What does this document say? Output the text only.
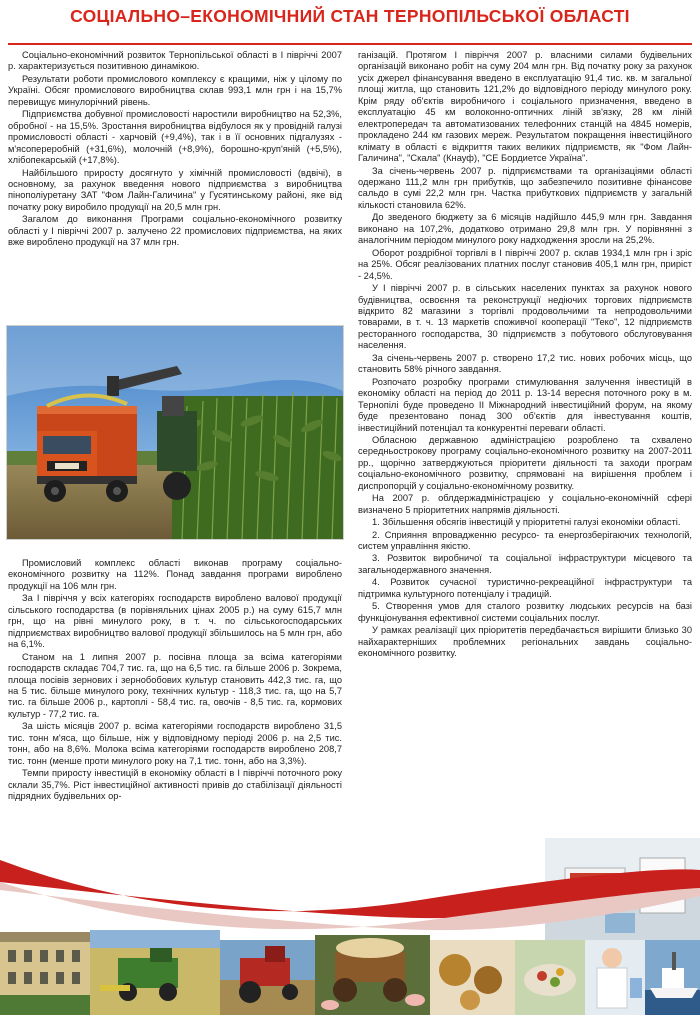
СОЦІАЛЬНО–ЕКОНОМІЧНИЙ СТАН ТЕРНОПІЛЬСЬКОЇ ОБЛАСТІ

Соціально-економічний розвиток Тернопільської області в І півріччі 2007 р. характеризується позитивною динамікою.

Результати роботи промислового комплексу є кращими, ніж у цілому по Україні. Обсяг промислового виробництва склав 993,1 млн грн і на 15,7% перевищує минулорічний рівень.

Підприємства добувної промисловості наростили виробництво на 52,3%, обробної - на 15,5%. Зростання виробництва відбулося як у провідній галузі промисловості області - харчовій (+9,4%), так і в її основних підгалузях - м'ясопереробній (+31,6%), молочній (+8,9%), борошно-круп'яній (+5,5%), хлібопекарській (+17,8%).

Найбільшого приросту досягнуто у хімічній промисловості (вдвічі), в основному, за рахунок введення нового підприємства з виробництва пінополіуретану ЗАТ "Фом Лайн-Галичина" у Гусятинському районі, яке від початку року виробило продукції на 20,5 млн грн.

Загалом до виконання Програми соціально-економічного розвитку області у І півріччі 2007 р. залучено 22 промислових підприємства, на яких вже вироблено продукції на 37 млн грн.

Промисловий комплекс області виконав програму соціально-економічного розвитку на 112%. Понад завдання програми вироблено продукції на 106 млн грн.

За І півріччя у всіх категоріях господарств вироблено валової продукції сільського господарства (в порівняльних цінах 2005 р.) на суму 615,7 млн грн, що на рівні минулого року, в т. ч. по сільськогосподарських підприємствах виробництво валової продукції збільшилось на 5 млн грн, або на 6,1%.

Станом на 1 липня 2007 р. посівна площа за всіма категоріями господарств складає 704,7 тис. га, що на 6,5 тис. га більше 2006 р. Зокрема, площа посівів зернових і зернобобових культур становить 442,3 тис. га, що на 5 тис. більше минулого року, технічних культур - 118,3 тис. га, що на 5,7 тис. га більше 2006 р., картоплі - 58,4 тис. га, овочів - 8,5 тис. га, кормових культур - 77,2 тис. га.

За шість місяців 2007 р. всіма категоріями господарств вироблено 31,5 тис. тонн м'яса, що більше, ніж у відповідному періоді 2006 р. на 2,5 тис. тонн, або на 8,6%. Молока всіма категоріями господарств вироблено 208,7 тис. тонн (менше проти минулого року на 7,1 тис. тонн, або на 3,3%).

Темпи приросту інвестицій в економіку області в І півріччі поточного року склали 35,7%. Ріст інвестиційної активності привів до стабілізації діяльності підрядних будівельних ор-

ганізацій. Протягом І півріччя 2007 р. власними силами будівельних організацій виконано робіт на суму 204 млн грн. Від початку року за рахунок усіх джерел фінансування введено в експлуатацію 91,4 тис. кв. м загальної площі житла, що становить 121,2% до відповідного періоду минулого року. Крім ряду об'єктів виробничого і соціального призначення, введено в експлуатацію 45 км волоконно-оптичних ліній зв'язку, 28 км ліній електропередач та автоматизованих телефонних станцій на 4845 номерів, прокладено 244 км газових мереж. Результатом покращення інвестиційного клімату в області є відкриття таких великих підприємств, як "Фом Лайн-Галичина", "Скала" (Кнауф), "СЕ Бордиетсе Україна".

За січень-червень 2007 р. підприємствами та організаціями області одержано 111,2 млн грн прибутків, що забезпечило позитивне фінансове сальдо в сумі 22,2 млн грн. Частка прибуткових підприємств у загальній кількості становила 62%.

До зведеного бюджету за 6 місяців надійшло 445,9 млн грн. Завдання виконано на 107,2%, додатково отримано 29,8 млн грн. У порівнянні з аналогічним періодом минулого року надходження зросли на 25,2%.

Оборот роздрібної торгівлі в І півріччі 2007 р. склав 1934,1 млн грн і зріс на 25%. Обсяг реалізованих платних послуг становив 405,1 млн грн, приріст - 24,5%.

У І півріччі 2007 р. в сільських населених пунктах за рахунок нового будівництва, освоєння та реконструкції недіючих торгових підприємств відкрито 82 магазини з торгівлі продовольчими та непродовольчими товарами, в т. ч. 13 маркетів споживчої кооперації "Теко", 12 підприємств ресторанного господарства, 30 підприємств з побутового обслуговування населення.

За січень-червень 2007 р. створено 17,2 тис. нових робочих місць, що становить 58% річного завдання.

Розпочато розробку програми стимулювання залучення інвестицій в економіку області на період до 2011 р. 13-14 вересня поточного року в м. Тернопілі буде проведено ІІ Міжнародний інвестиційний форум, на якому буде презентовано понад 300 об'єктів для інвестування коштів, інвестиційний потенціал та конкурентні переваги області.

Обласною державною адміністрацією розроблено та схвалено середньострокову програму соціально-економічного розвитку на 2007-2011 рр., щорічно затверджуються пріоритети діяльності та заходи програм соціально-економічного розвитку, спрямовані на вирішення проблем і диспропорцій у соціально-економічному розвитку.

На 2007 р. облдержадміністрацією у соціально-економічній сфері визначено 5 пріоритетних напрямів діяльності.

1. Збільшення обсягів інвестицій у пріоритетні галузі економіки області.

2. Сприяння впровадженню ресурсо- та енергозберігаючих технологій, систем управління якістю.

3. Розвиток виробничої та соціальної інфраструктури місцевого та загальнодержавного значення.

4. Розвиток сучасної туристично-рекреаційної інфраструктури та підтримка культурного потенціалу і традицій.

5. Створення умов для сталого розвитку людських ресурсів на базі функціонування ефективної системи соціальних послуг.

У рамках реалізації цих пріоритетів передбачається вирішити близько 30 найхарактерніших проблемних регіональних завдань соціально-економічного розвитку.
